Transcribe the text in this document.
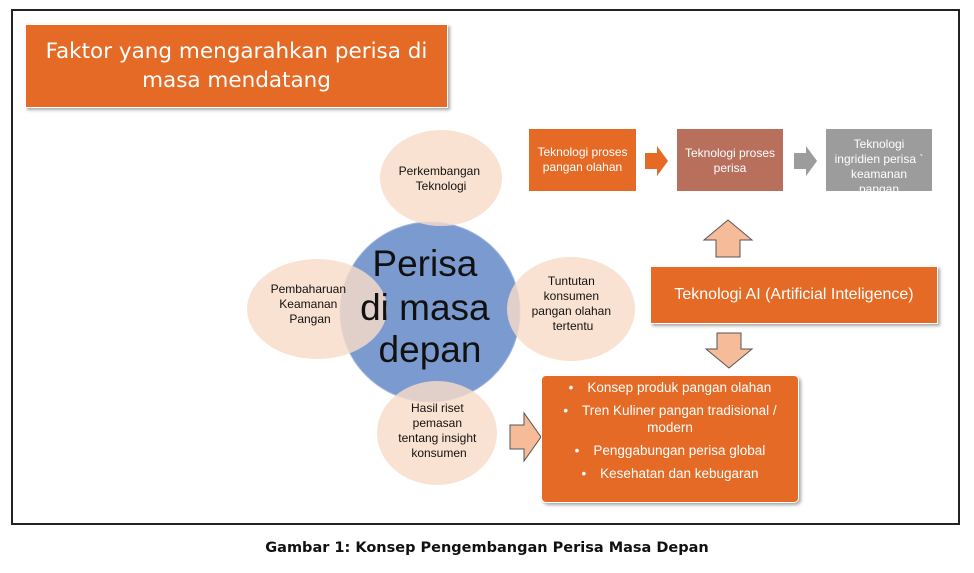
Perisa di masa depan
Perkembangan Teknologi
Pembaharuan Keamanan Pangan
Tuntutan konsumen pangan olahan tertentu
Hasil riset pemasan tentang insight konsumen
Faktor yang mengarahkan perisa di masa mendatang
Teknologi proses pangan olahan
Teknologi proses perisa
Teknologi ingridien perisa ` keamanan pangan
Teknologi AI (Artificial Inteligence)
• Konsep produk pangan olahan
• Tren Kuliner pangan tradisional / modern
• Penggabungan perisa global
• Kesehatan dan kebugaran
Gambar 1: Konsep Pengembangan Perisa Masa Depan
